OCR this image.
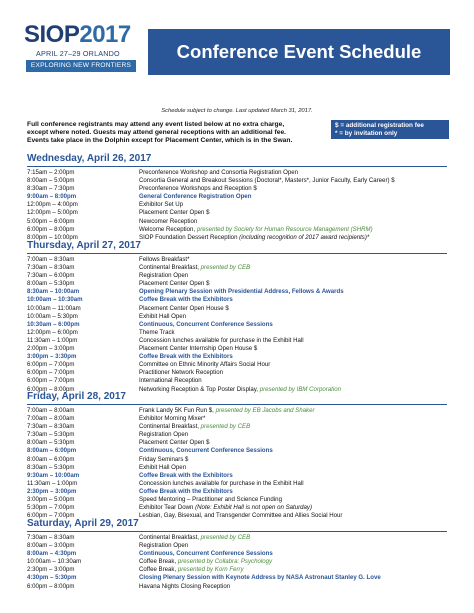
SIOP2017
APRIL 27–29 ORLANDO
EXPLORING NEW FRONTIERS
Conference Event Schedule
Schedule subject to change. Last updated March 31, 2017.
Full conference registrants may attend any event listed below at no extra charge,
except where noted. Guests may attend general receptions with an additional fee.
Events take place in the Dolphin except for Placement Center, which is in the Swan.
$ = additional registration fee
* = by invitation only
Wednesday, April 26, 2017
7:15am – 2:00pm	Preconference Workshop and Consortia Registration Open
8:00am – 5:00pm	Consortia General and Breakout Sessions (Doctoral*, Masters*, Junior Faculty, Early Career) $
8:30am – 7:30pm	Preconference Workshops and Reception $
9:00am – 8:00pm	General Conference Registration Open
12:00pm – 4:00pm	Exhibitor Set Up
12:00pm – 5:00pm	Placement Center Open $
5:00pm – 6:00pm	Newcomer Reception
6:00pm – 8:00pm	Welcome Reception, presented by Society for Human Resource Management (SHRM)
8:00pm – 10:00pm	SIOP Foundation Dessert Reception (including recognition of 2017 award recipients)*
Thursday, April 27, 2017
7:00am – 8:30am	Fellows Breakfast*
7:30am – 8:30am	Continental Breakfast, presented by CEB
7:30am – 6:00pm	Registration Open
8:00am – 5:30pm	Placement Center Open $
8:30am – 10:00am	Opening Plenary Session with Presidential Address, Fellows & Awards
10:00am – 10:30am	Coffee Break with the Exhibitors
10:00am – 11:00am	Placement Center Open House $
10:00am – 5:30pm	Exhibit Hall Open
10:30am – 6:00pm	Continuous, Concurrent Conference Sessions
12:00pm – 6:00pm	Theme Track
11:30am – 1:00pm	Concession lunches available for purchase in the Exhibit Hall
2:00pm – 3:00pm	Placement Center Internship Open House $
3:00pm – 3:30pm	Coffee Break with the Exhibitors
6:00pm – 7:00pm	Committee on Ethnic Minority Affairs Social Hour
6:00pm – 7:00pm	Practitioner Network Reception
6:00pm – 7:00pm	International Reception
6:00pm – 8:00pm	Networking Reception & Top Poster Display, presented by IBM Corporation
Friday, April 28, 2017
7:00am – 8:00am	Frank Landy 5K Fun Run $, presented by EB Jacobs and Shaker
7:00am – 8:00am	Exhibitor Morning Mixer*
7:30am – 8:30am	Continental Breakfast, presented by CEB
7:30am – 5:30pm	Registration Open
8:00am – 5:30pm	Placement Center Open $
8:00am – 6:00pm	Continuous, Concurrent Conference Sessions
8:00am – 6:00pm	Friday Seminars $
8:30am – 5:30pm	Exhibit Hall Open
9:30am – 10:00am	Coffee Break with the Exhibitors
11:30am – 1:00pm	Concession lunches available for purchase in the Exhibit Hall
2:30pm – 3:00pm	Coffee Break with the Exhibitors
3:00pm – 5:00pm	Speed Mentoring – Practitioner and Science Funding
5:30pm – 7:00pm	Exhibitor Tear Down (Note: Exhibit Hall is not open on Saturday)
6:00pm – 7:00pm	Lesbian, Gay, Bisexual, and Transgender Committee and Allies Social Hour
Saturday, April 29, 2017
7:30am – 8:30am	Continental Breakfast, presented by CEB
8:00am – 3:00pm	Registration Open
8:00am – 4:30pm	Continuous, Concurrent Conference Sessions
10:00am – 10:30am	Coffee Break, presented by Collabra: Psychology
2:30pm – 3:00pm	Coffee Break, presented by Korn Ferry
4:30pm – 5:30pm	Closing Plenary Session with Keynote Address by NASA Astronaut Stanley G. Love
6:00pm – 8:00pm	Havana Nights Closing Reception
